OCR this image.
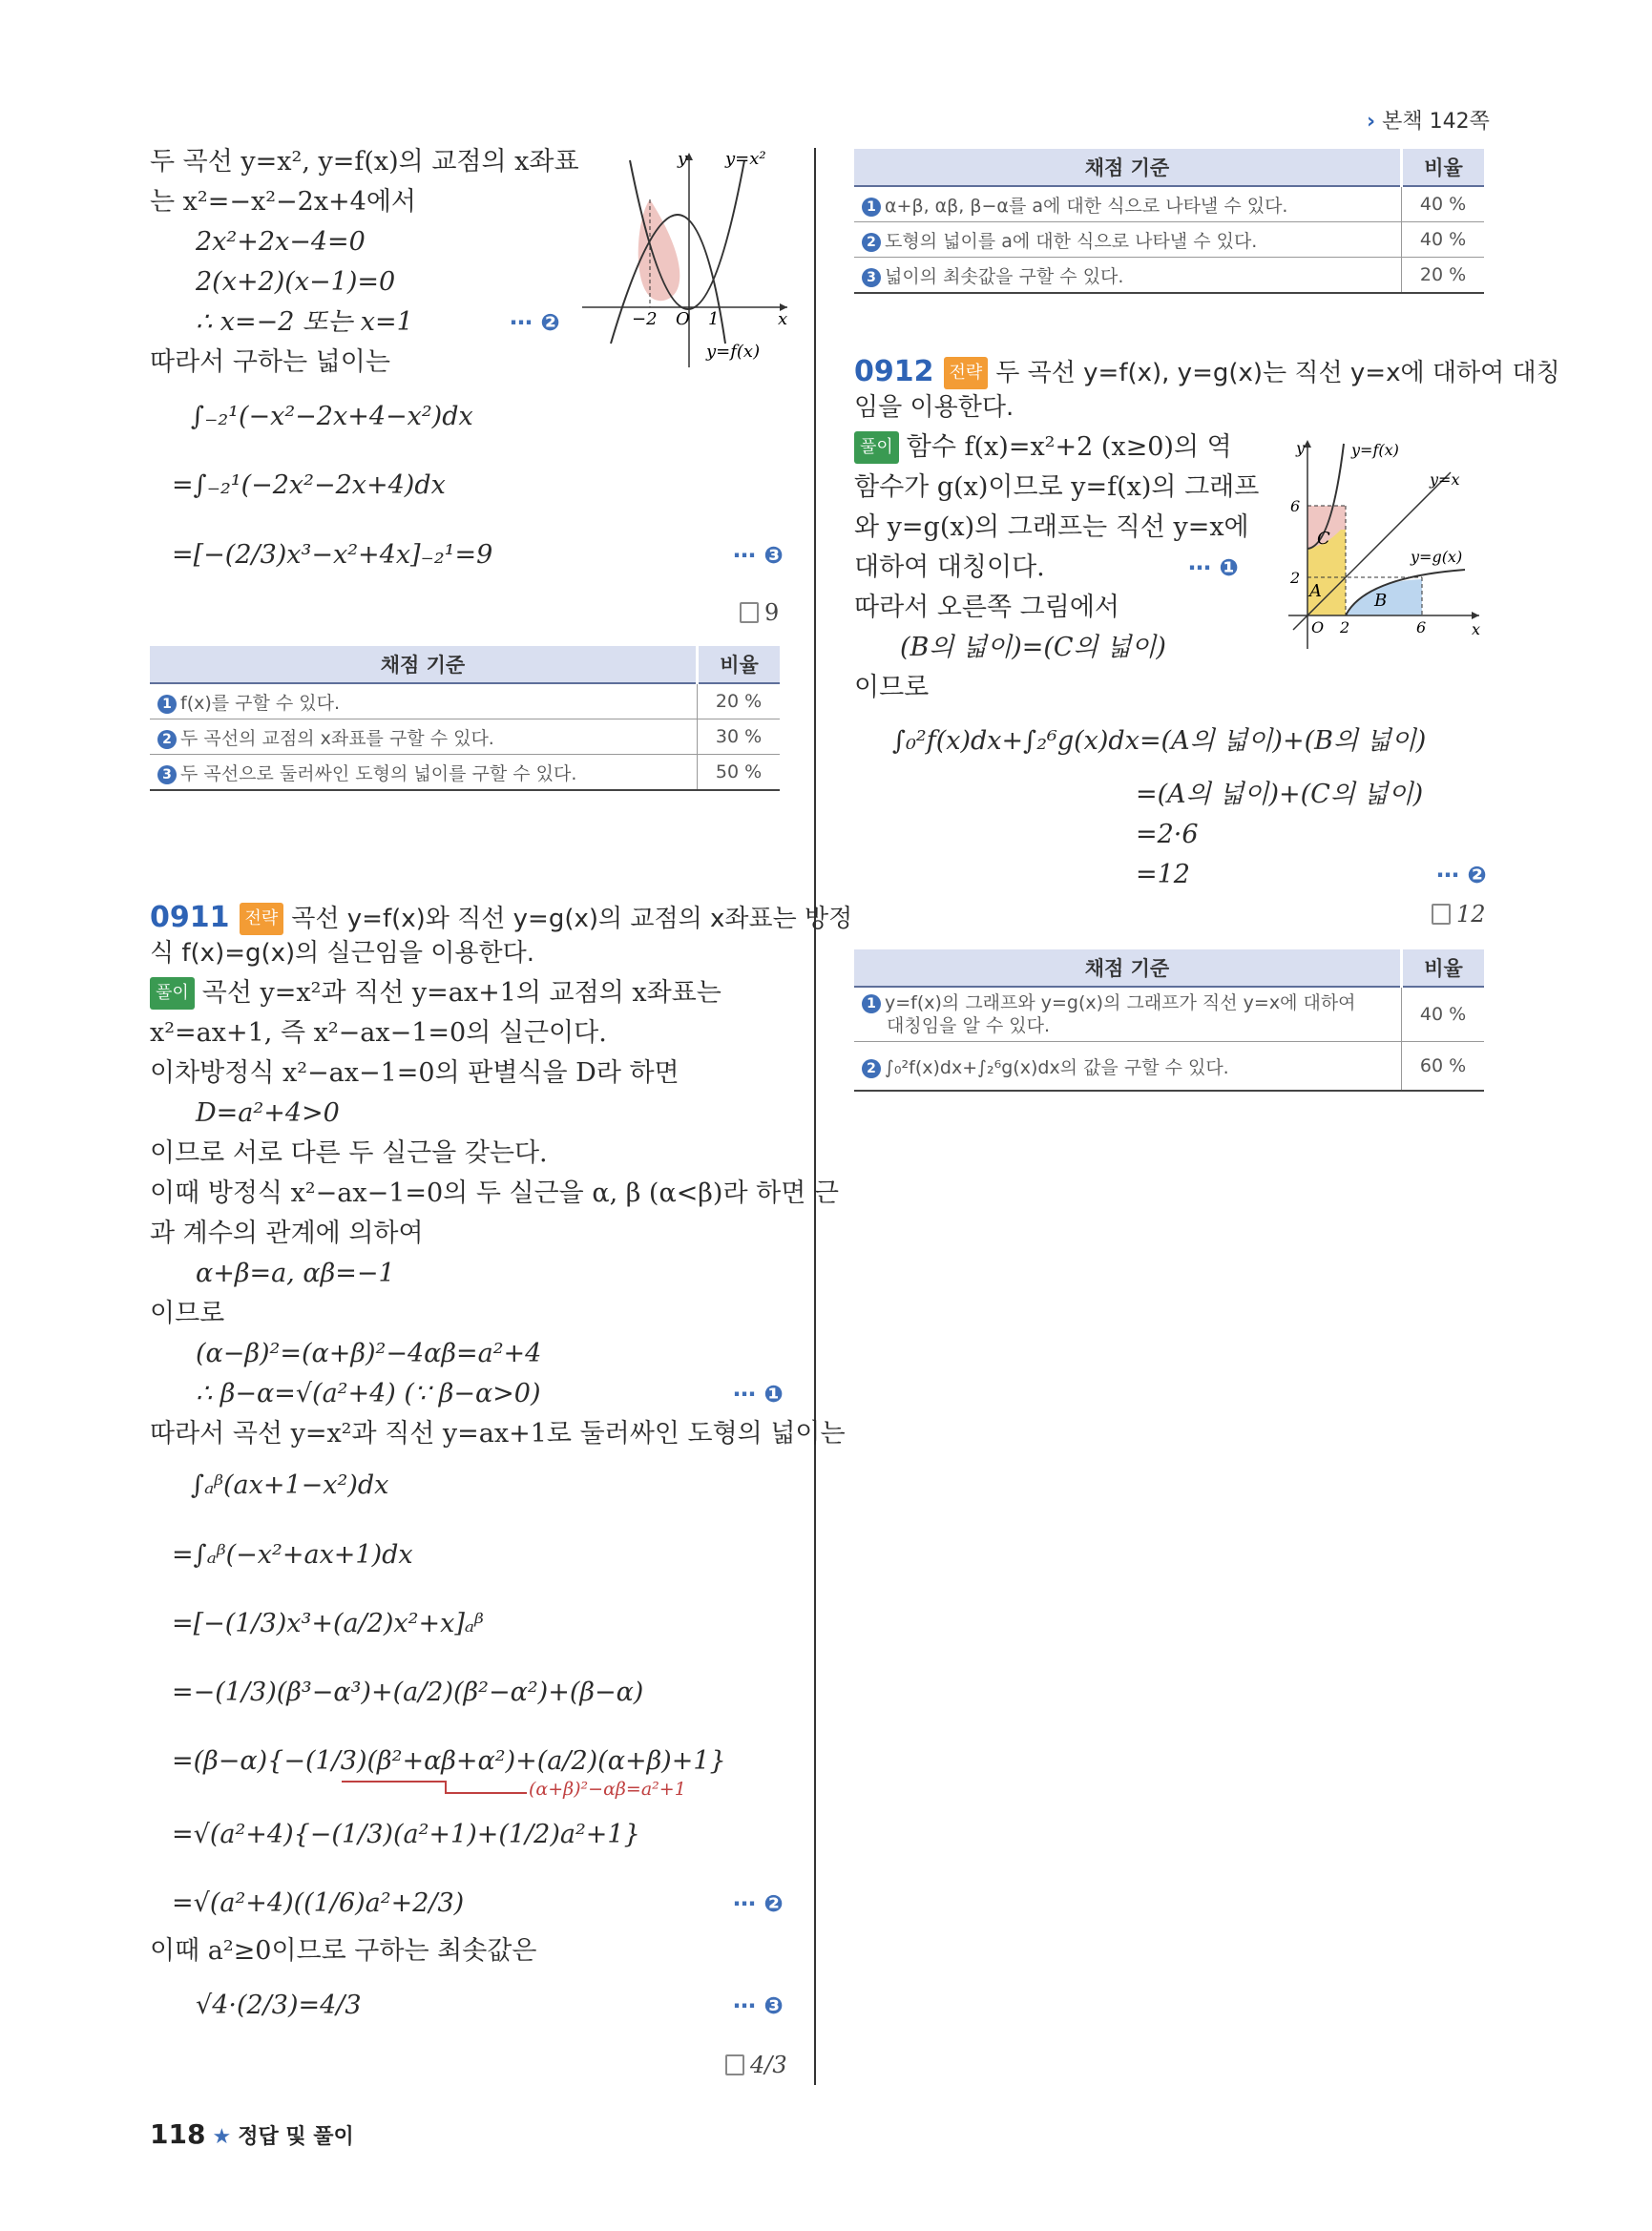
› 본책 142쪽
두 곡선 y=x², y=f(x)의 교점의 x좌표
는 x²=−x²−2x+4에서
2x²+2x−4=0
2(x+2)(x−1)=0
∴ x=−2 또는 x=1	⋯ ❷
따라서 구하는 넓이는
∫₋₂¹(−x²−2x+4−x²)dx
=∫₋₂¹(−2x²−2x+4)dx
=[−(2/3)x³−x²+4x]₋₂¹=9	⋯ ❸
9
y y=x²
x
−2 O 1
y=f(x)
채점 기준	비율
1 f(x)를 구할 수 있다.	20 %
2 두 곡선의 교점의 x좌표를 구할 수 있다.	30 %
3 두 곡선으로 둘러싸인 도형의 넓이를 구할 수 있다.	50 %
0911 전략 곡선 y=f(x)와 직선 y=g(x)의 교점의 x좌표는 방정
식 f(x)=g(x)의 실근임을 이용한다.
풀이 곡선 y=x²과 직선 y=ax+1의 교점의 x좌표는
x²=ax+1, 즉 x²−ax−1=0의 실근이다.
이차방정식 x²−ax−1=0의 판별식을 D라 하면
D=a²+4>0
이므로 서로 다른 두 실근을 갖는다.
이때 방정식 x²−ax−1=0의 두 실근을 α, β (α<β)라 하면 근
과 계수의 관계에 의하여
α+β=a, αβ=−1
이므로
(α−β)²=(α+β)²−4αβ=a²+4
∴ β−α=√(a²+4) (∵ β−α>0)	⋯ ❶
따라서 곡선 y=x²과 직선 y=ax+1로 둘러싸인 도형의 넓이는
∫ₐᵝ(ax+1−x²)dx
=∫ₐᵝ(−x²+ax+1)dx
=[−(1/3)x³+(a/2)x²+x]ₐᵝ
=−(1/3)(β³−α³)+(a/2)(β²−α²)+(β−α)
=(β−α){−(1/3)(β²+αβ+α²)+(a/2)(α+β)+1}
(α+β)²−αβ=a²+1
=√(a²+4){−(1/3)(a²+1)+(1/2)a²+1}
=√(a²+4)((1/6)a²+2/3)	⋯ ❷
이때 a²≥0이므로 구하는 최솟값은
√4·(2/3)=4/3	⋯ ❸
4/3
118 ★ 정답 및 풀이
채점 기준	비율
1 α+β, αβ, β−α를 a에 대한 식으로 나타낼 수 있다.	40 %
2 도형의 넓이를 a에 대한 식으로 나타낼 수 있다.	40 %
3 넓이의 최솟값을 구할 수 있다.	20 %
0912 전략 두 곡선 y=f(x), y=g(x)는 직선 y=x에 대하여 대칭
임을 이용한다.
풀이 함수 f(x)=x²+2 (x≥0)의 역
함수가 g(x)이므로 y=f(x)의 그래프
와 y=g(x)의 그래프는 직선 y=x에
대하여 대칭이다.	⋯ ❶
따라서 오른쪽 그림에서
(B의 넓이)=(C의 넓이)
이므로
∫₀²f(x)dx+∫₂⁶g(x)dx=(A의 넓이)+(B의 넓이)
=(A의 넓이)+(C의 넓이)
=2·6
=12	⋯ ❷
12
y	y=f(x)
y=x
y=g(x)
x
C
A	B
6
2
O 2	6
채점 기준	비율
1 y=f(x)의 그래프와 y=g(x)의 그래프가 직선 y=x에 대하여
대칭임을 알 수 있다.	40 %
2 ∫₀²f(x)dx+∫₂⁶g(x)dx의 값을 구할 수 있다.	60 %
